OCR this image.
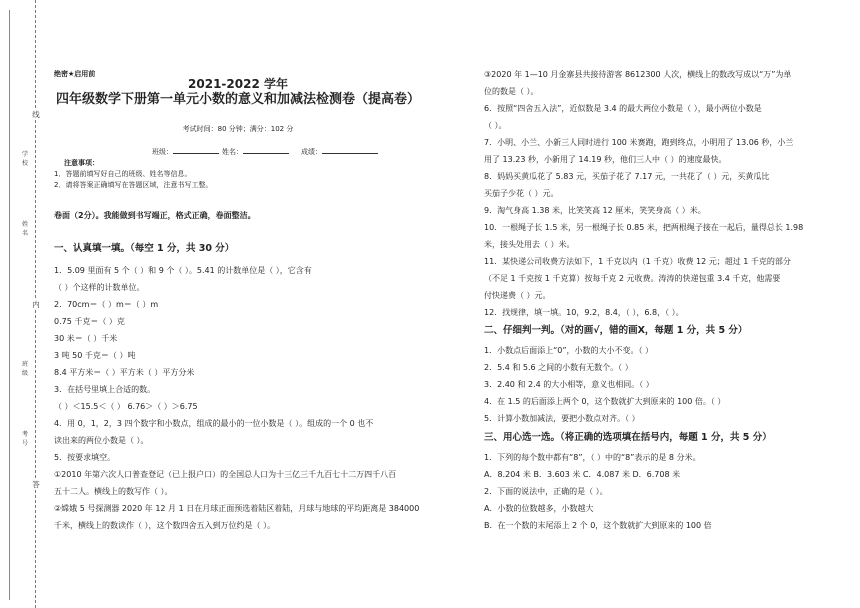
线
内
答
学校
姓名
班级
考号
绝密★启用前
2021-2022 学年
四年级数学下册第一单元小数的意义和加减法检测卷（提高卷）
考试时间：80 分钟；满分：102 分
班级：	姓名：	成绩：
注意事项：
1．答题前填写好自己的班级、姓名等信息。
2．请将答案正确填写在答题区域，注意书写工整。
卷面（2分）。我能做到书写端正，格式正确，卷面整洁。
一、认真填一填。（每空 1 分，共 30 分）
1．5.09 里面有 5 个（ ）和 9 个（ ）。5.41 的计数单位是（ ），它含有
（ ）个这样的计数单位。
2．70cm＝（ ）m＝（ ）m
0.75 千克＝（ ）克
30 米＝（ ）千米
3 吨 50 千克＝（ ）吨
8.4 平方米＝（ ）平方米（ ）平方分米
3．在括号里填上合适的数。
（ ）＜15.5＜（ ） 6.76＞（ ）＞6.75
4．用 0，1，2，3 四个数字和小数点，组成的最小的一位小数是（ ）。组成的一个 0 也不
读出来的两位小数是（ ）。
5．按要求填空。
①2010 年第六次人口普查登记（已上报户口）的全国总人口为十三亿三千九百七十二万四千八百
五十二人。横线上的数写作（ ）。
②嫦娥 5 号探测器 2020 年 12 月 1 日在月球正面预选着陆区着陆，月球与地球的平均距离是 384000
千米，横线上的数读作（ ），这个数四舍五入到万位约是（ ）。
③2020 年 1—10 月金寨县共接待游客 8612300 人次，横线上的数改写成以“万”为单
位的数是（ ）。
6．按照“四舍五入法”，近似数是 3.4 的最大两位小数是（ ），最小两位小数是
（ ）。
7．小明、小兰、小新三人同时进行 100 米赛跑，跑到终点，小明用了 13.06 秒，小兰
用了 13.23 秒，小新用了 14.19 秒，他们三人中（ ）的速度最快。
8．妈妈买黄瓜花了 5.83 元，买茄子花了 7.17 元，一共花了（ ）元，买黄瓜比
买茄子少花（ ）元。
9．淘气身高 1.38 米，比笑笑高 12 厘米，笑笑身高（ ）米。
10．一根绳子长 1.5 米，另一根绳子长 0.85 米，把两根绳子接在一起后，量得总长 1.98
米，接头处用去（ ）米。
11．某快递公司收费方法如下，1 千克以内（1 千克）收费 12 元；超过 1 千克的部分
（不足 1 千克按 1 千克算）按每千克 2 元收费。涛涛的快递包重 3.4 千克，他需要
付快递费（ ）元。
12．找规律，填一填。10，9.2，8.4，（ ），6.8，（ ）。
二、仔细判一判。（对的画√，错的画Ⅹ，每题 1 分，共 5 分）
1．小数点后面添上“0”，小数的大小不变。（ ）
2．5.4 和 5.6 之间的小数有无数个。（ ）
3．2.40 和 2.4 的大小相等，意义也相同。（ ）
4．在 1.5 的后面添上两个 0，这个数就扩大到原来的 100 倍。（ ）
5．计算小数加减法，要把小数点对齐。（ ）
三、用心选一选。（将正确的选项填在括号内，每题 1 分，共 5 分）
1．下列的每个数中都有“8”，（ ）中的“8”表示的是 8 分米。
A．8.204 米 B．3.603 米 C．4.087 米 D．6.708 米
2．下面的说法中，正确的是（ ）。
A．小数的位数越多，小数越大
B．在一个数的末尾添上 2 个 0，这个数就扩大到原来的 100 倍
